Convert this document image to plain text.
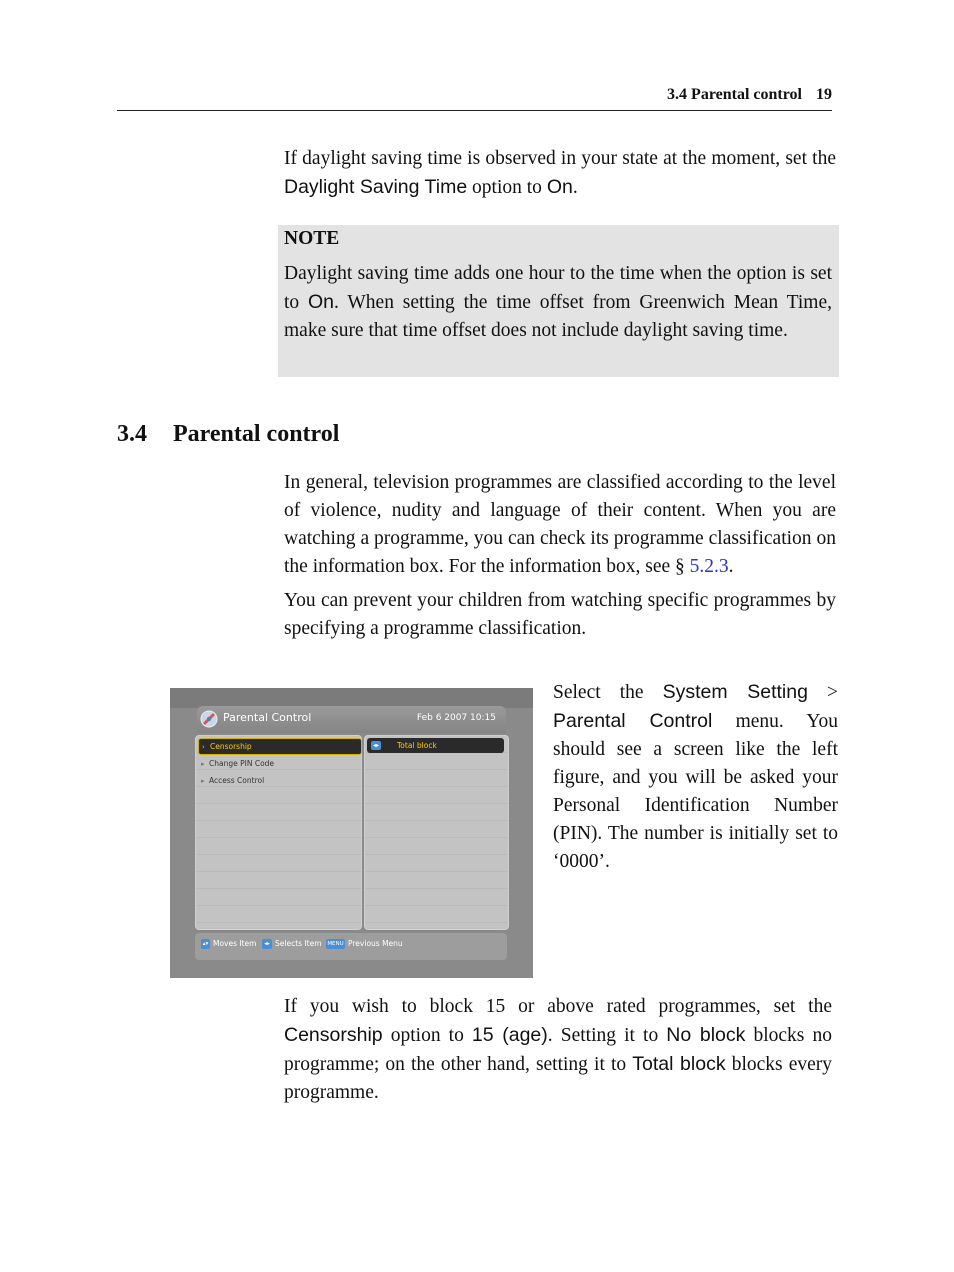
3.4 Parental control 19

If daylight saving time is observed in your state at the moment, set the Daylight Saving Time option to On.

NOTE
Daylight saving time adds one hour to the time when the option is set to On. When setting the time offset from Greenwich Mean Time, make sure that time offset does not include daylight saving time.
3.4 Parental control

In general, television programmes are classified according to the level of violence, nudity and language of their content. When you are watching a programme, you can check its programme classification on the information box. For the information box, see § 5.2.3.

You can prevent your children from watching specific programmes by specifying a programme classification.

Select the System Setting > Parental Control menu. You should see a screen like the left figure, and you will be asked your Personal Identification Number (PIN). The number is initially set to ‘0000’.

Parental Control	Feb 6 2007 10:15
› Censorship
▸ Change PIN Code
▸ Access Control
◂▸ Total block
▴▾ Moves Item	◂▸ Selects Item MENU Previous Menu

If you wish to block 15 or above rated programmes, set the Censorship option to 15 (age). Setting it to No block blocks no programme; on the other hand, setting it to Total block blocks every programme.
